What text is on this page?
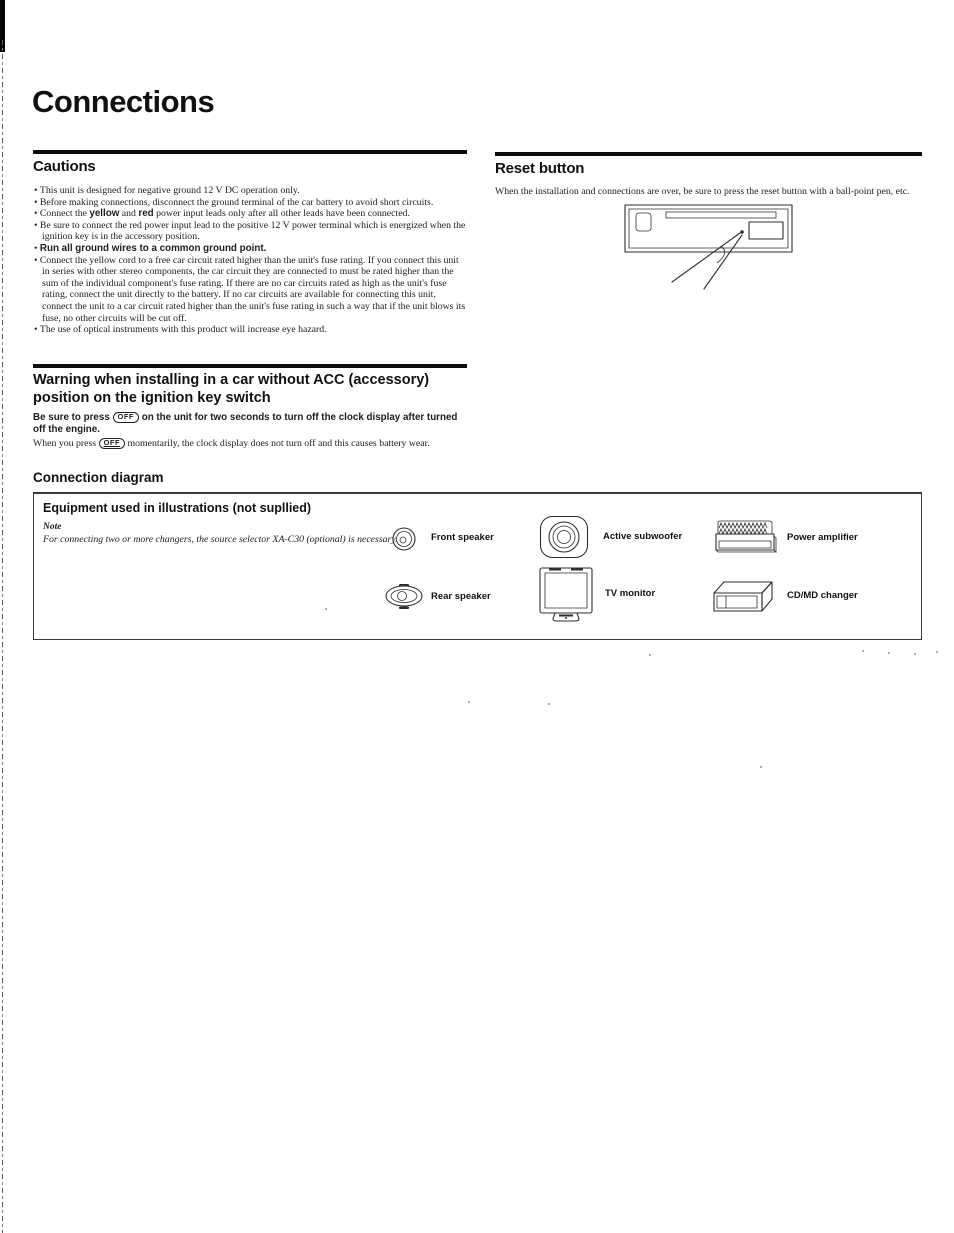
Connections
Cautions
• This unit is designed for negative ground 12 V DC operation only.
• Before making connections, disconnect the ground terminal of the car battery to avoid short circuits.
• Connect the yellow and red power input leads only after all other leads have been connected.
• Be sure to connect the red power input lead to the positive 12 V power terminal which is energized when the ignition key is in the accessory position.
• Run all ground wires to a common ground point.
• Connect the yellow cord to a free car circuit rated higher than the unit's fuse rating. If you connect this unit in series with other stereo components, the car circuit they are connected to must be rated higher than the sum of the individual component's fuse rating. If there are no car circuits rated as high as the unit's fuse rating, connect the unit directly to the battery. If no car circuits are available for connecting this unit, connect the unit to a car circuit rated higher than the unit's fuse rating in such a way that if the unit blows its fuse, no other circuits will be cut off.
• The use of optical instruments with this product will increase eye hazard.
Warning when installing in a car without ACC (accessory) position on the ignition key switch

Be sure to press OFF on the unit for two seconds to turn off the clock display after turned off the engine.

When you press OFF momentarily, the clock display does not turn off and this causes battery wear.

Reset button

When the installation and connections are over, be sure to press the reset button with a ball-point pen, etc.

Connection diagram
Equipment used in illustrations (not supllied)

Note

For connecting two or more changers, the source selector XA-C30 (optional) is necessary.	Front speaker	Active subwoofer	Power amplifier

Rear speaker	TV monitor	CD/MD changer
